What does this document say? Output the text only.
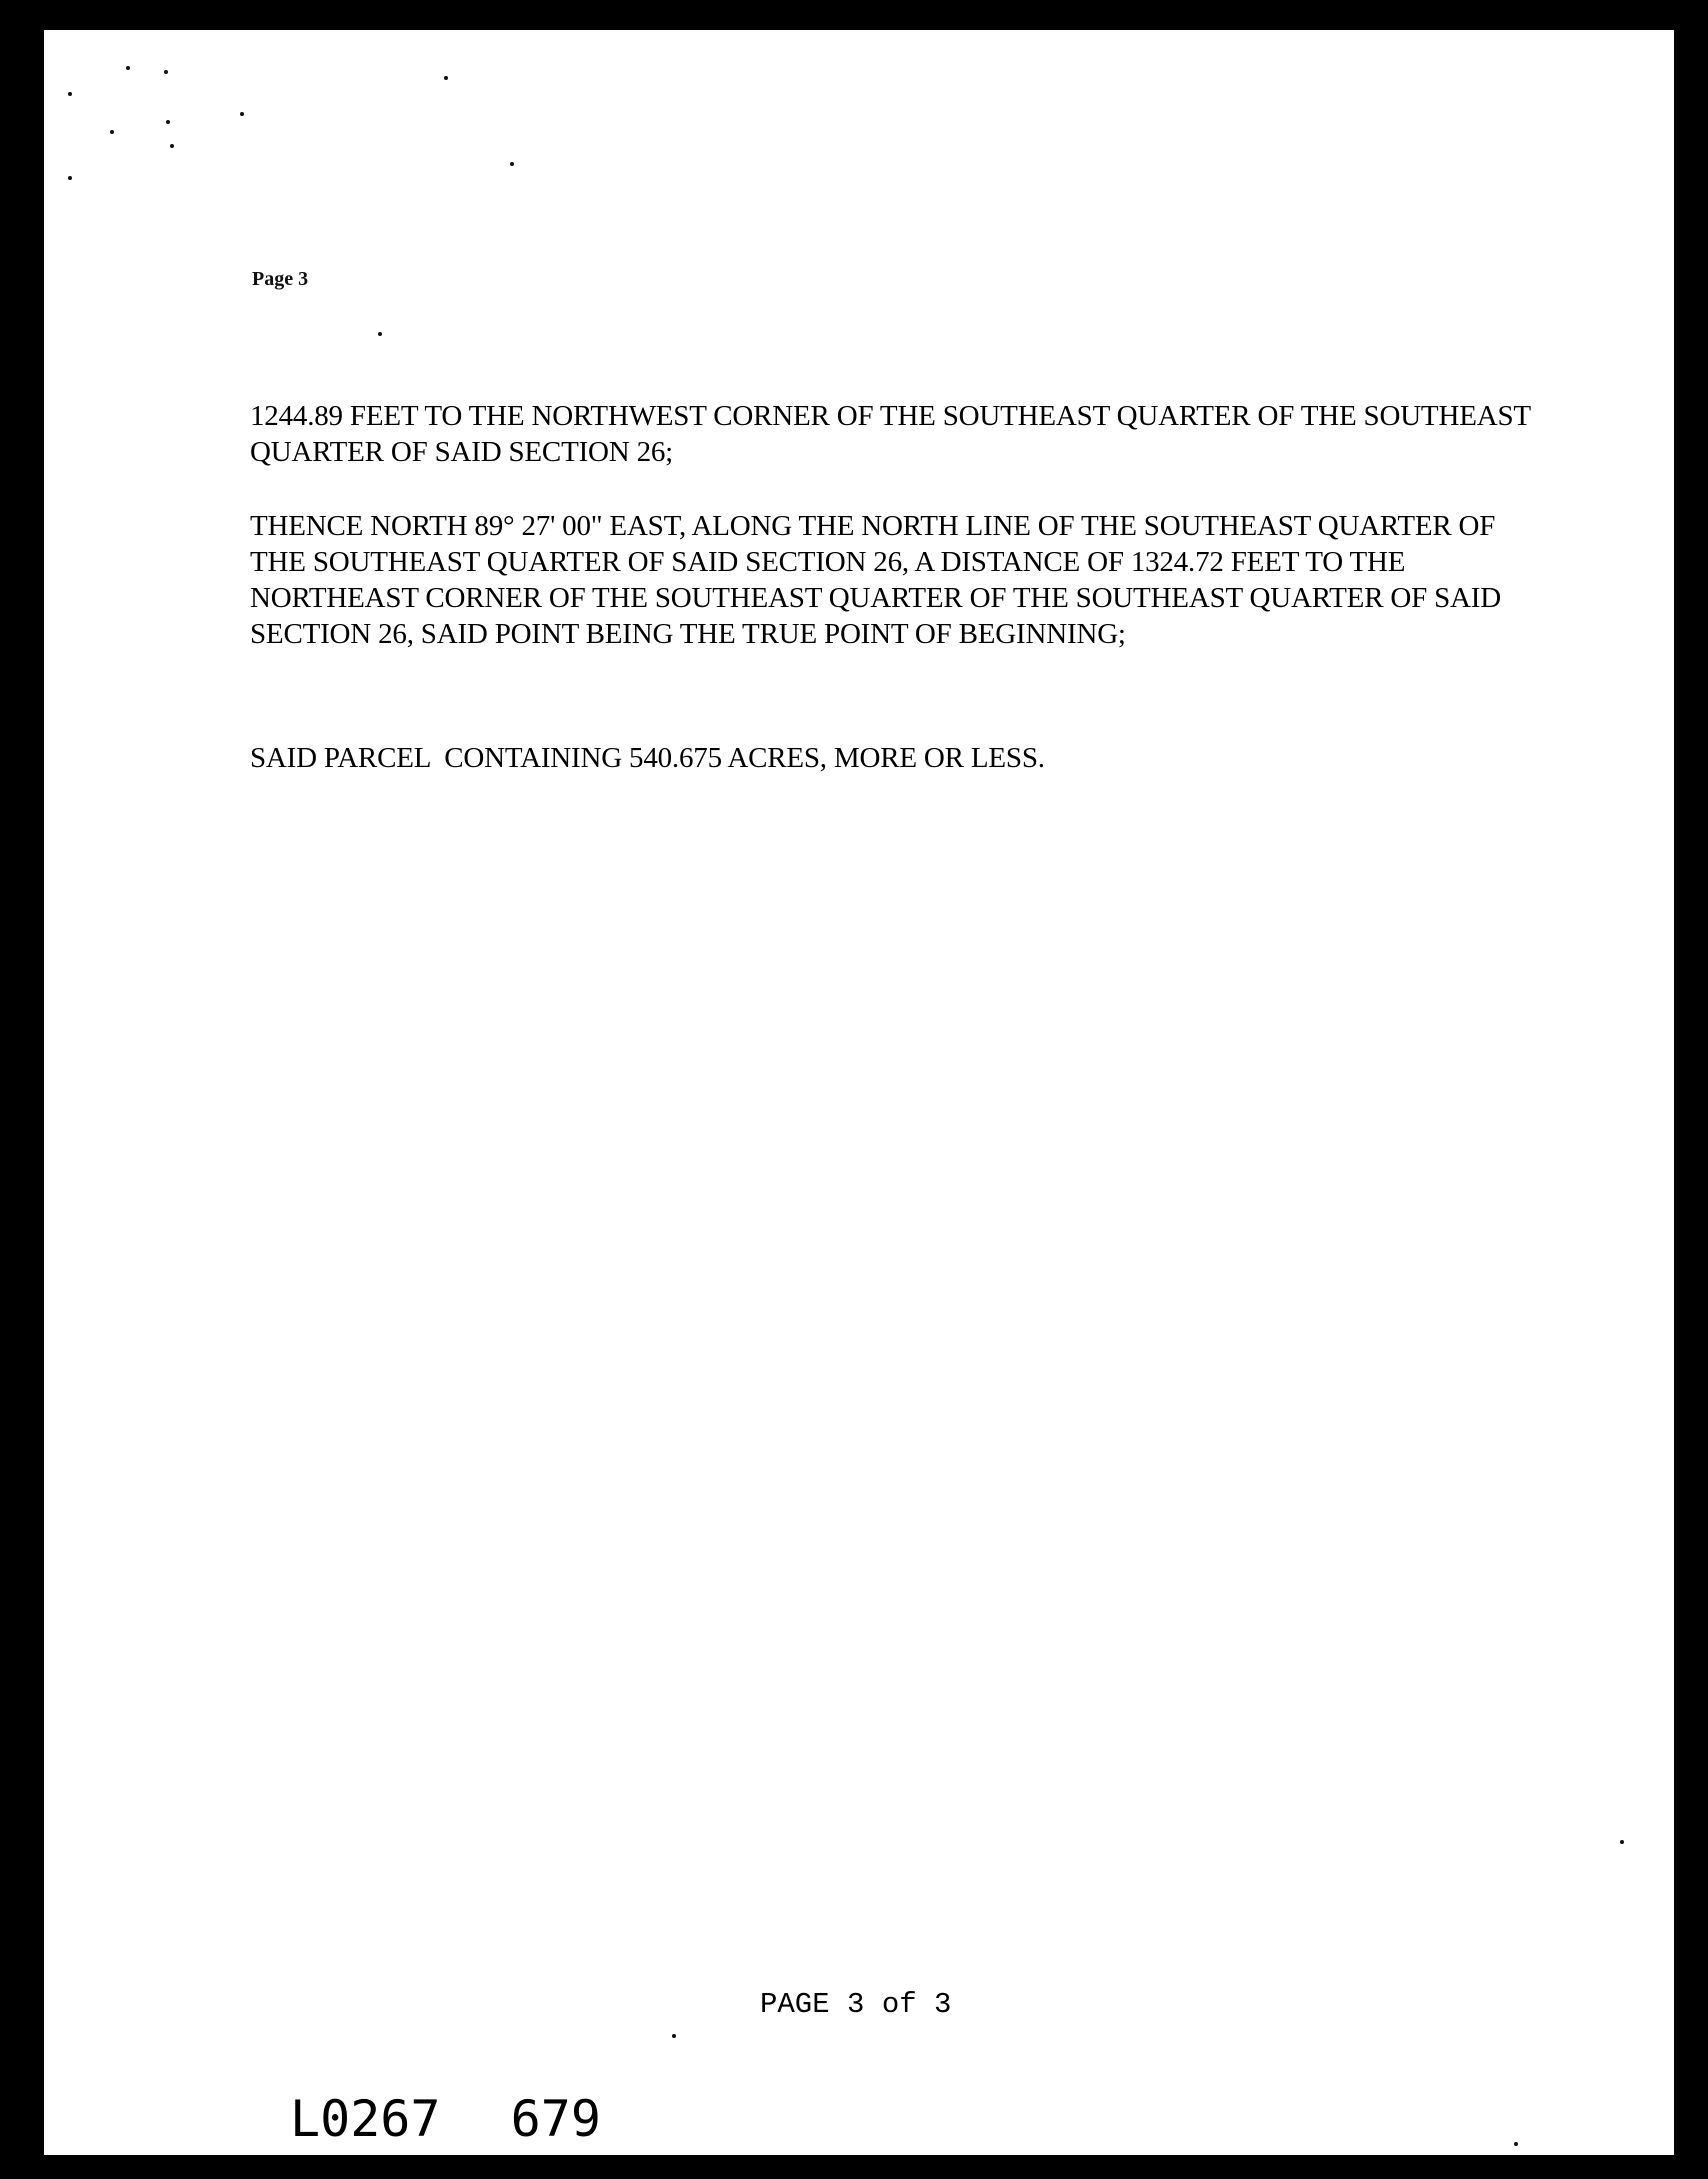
Page 3

1244.89 FEET TO THE NORTHWEST CORNER OF THE SOUTHEAST QUARTER OF THE SOUTHEAST QUARTER OF SAID SECTION 26;

THENCE NORTH 89° 27' 00" EAST, ALONG THE NORTH LINE OF THE SOUTHEAST QUARTER OF THE SOUTHEAST QUARTER OF SAID SECTION 26, A DISTANCE OF 1324.72 FEET TO THE NORTHEAST CORNER OF THE SOUTHEAST QUARTER OF THE SOUTHEAST QUARTER OF SAID SECTION 26, SAID POINT BEING THE TRUE POINT OF BEGINNING;

SAID PARCEL  CONTAINING 540.675 ACRES, MORE OR LESS.

PAGE 3 of 3
L0267 679
